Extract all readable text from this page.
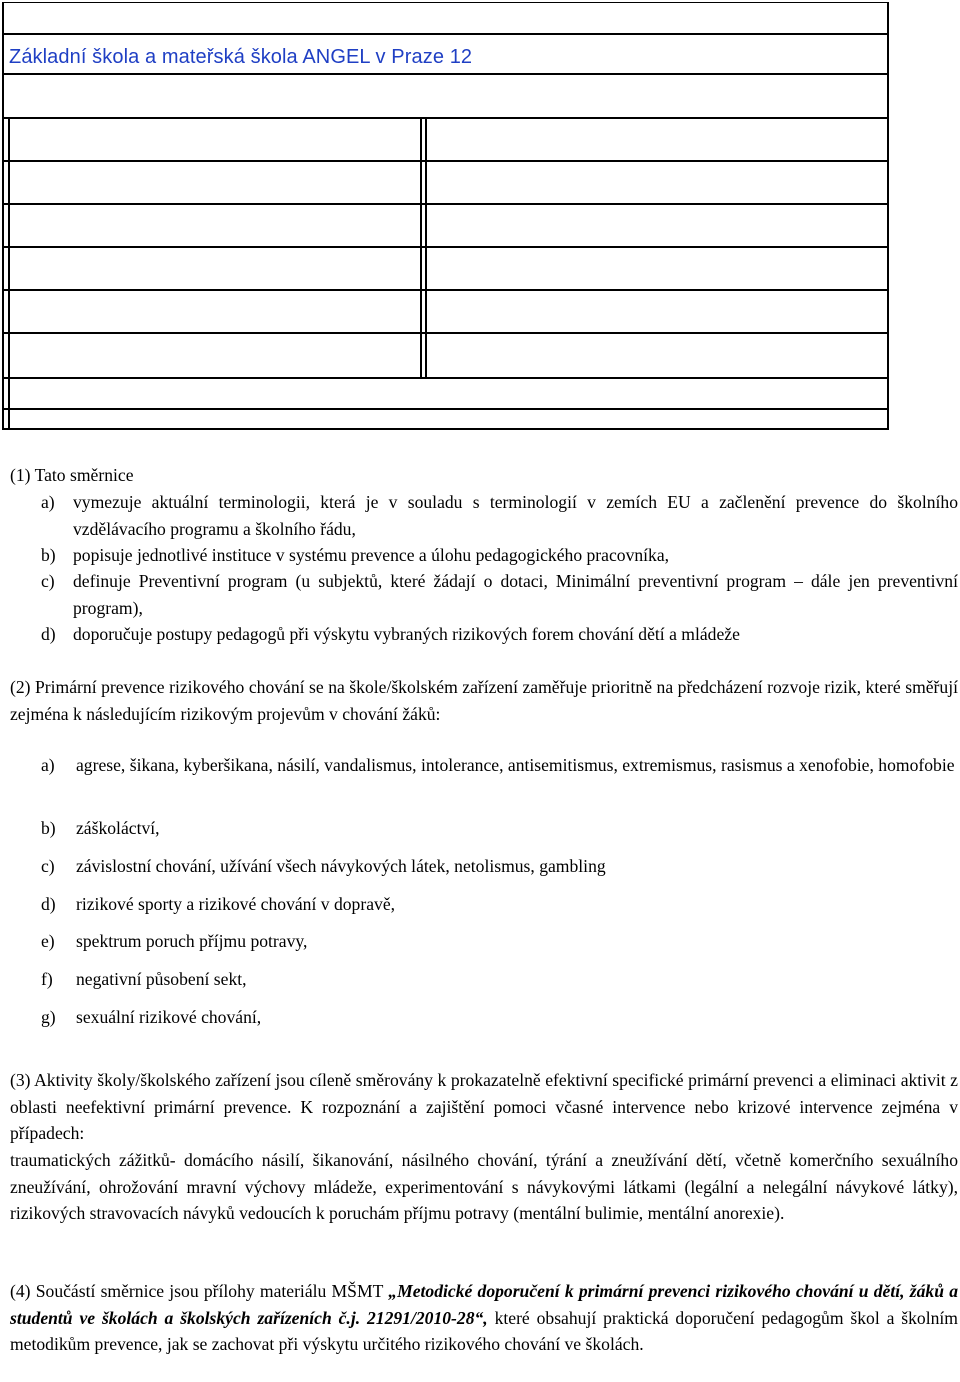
Základní škola a mateřská škola ANGEL v Praze 12
(1) Tato směrnice
a)	vymezuje aktuální terminologii, která je v souladu s terminologií v zemích EU a začlenění prevence do školního vzdělávacího programu a školního řádu,
b) popisuje jednotlivé instituce v systému prevence a úlohu pedagogického pracovníka,
c)	definuje Preventivní program (u subjektů, které žádají o dotaci, Minimální preventivní program – dále jen preventivní program),
d) doporučuje postupy pedagogů při výskytu vybraných rizikových forem chování dětí a mládeže
(2) Primární prevence rizikového chování se na škole/školském zařízení zaměřuje prioritně na předcházení rozvoje rizik, které směřují zejména k následujícím rizikovým projevům v chování žáků:
a)	agrese, šikana, kyberšikana, násilí, vandalismus, intolerance, antisemitismus, extremismus, rasismus a xenofobie, homofobie
b)	záškoláctví,
c)	závislostní chování, užívání všech návykových látek, netolismus, gambling
d)	rizikové sporty a rizikové chování v dopravě,
e)	spektrum poruch příjmu potravy,
f)	negativní působení sekt,
g)	sexuální rizikové chování,
(3) Aktivity školy/školského zařízení jsou cíleně směrovány k prokazatelně efektivní specifické primární prevenci a eliminaci aktivit z oblasti neefektivní primární prevence. K rozpoznání a zajištění pomoci včasné intervence nebo krizové intervence zejména v případech:
traumatických zážitků- domácího násilí, šikanování, násilného chování, týrání a zneužívání dětí, včetně komerčního sexuálního zneužívání, ohrožování mravní výchovy mládeže, experimentování s návykovými látkami (legální a nelegální návykové látky), rizikových stravovacích návyků vedoucích k poruchám příjmu potravy (mentální bulimie, mentální anorexie).
(4) Součástí směrnice jsou přílohy materiálu MŠMT „Metodické doporučení k primární prevenci rizikového chování u dětí, žáků a studentů ve školách a školských zařízeních č.j. 21291/2010-28“, které obsahují praktická doporučení pedagogům škol a školním metodikům prevence, jak se zachovat při výskytu určitého rizikového chování ve školách.
